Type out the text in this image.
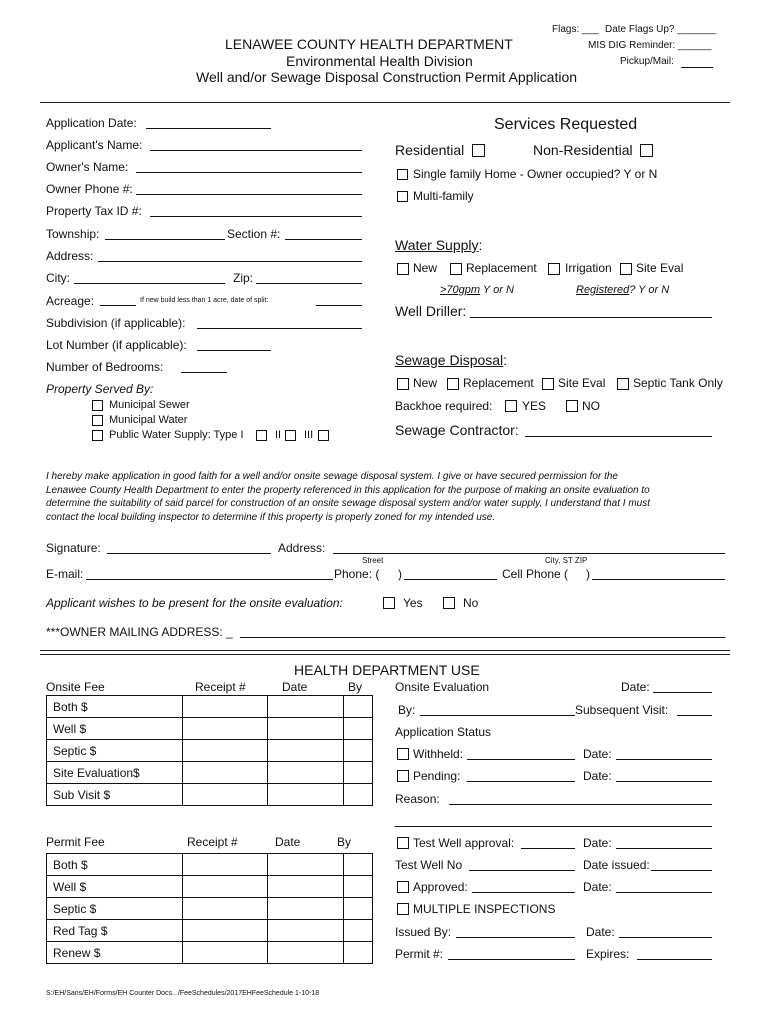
LENAWEE COUNTY HEALTH DEPARTMENT
Environmental Health Division
Well and/or Sewage Disposal Construction Permit Application
Flags: ___ Date Flags Up? _______
MIS DIG Reminder: ______
Pickup/Mail:
Application Date:
Applicant's Name:
Owner's Name:
Owner Phone #:
Property Tax ID #:
Township:	Section #:
Address:
City:	Zip:
Acreage:	If new build less than 1 acre, date of split:
Subdivision (if applicable):
Lot Number (if applicable):
Number of Bedrooms:
Property Served By:
Municipal Sewer
Municipal Water
Public Water Supply: Type I	II III
Services Requested
Residential	Non-Residential
Single family Home - Owner occupied? Y or N
Multi-family
Water Supply:
New Replacement Irrigation Site Eval
>70gpm Y or N	Registered? Y or N
Well Driller:
Sewage Disposal:
New Replacement Site Eval Septic Tank Only
Backhoe required: YES	NO
Sewage Contractor:
I hereby make application in good faith for a well and/or onsite sewage disposal system. I give or have secured permission for the
Lenawee County Health Department to enter the property referenced in this application for the purpose of making an onsite evaluation to
determine the suitability of said parcel for construction of an onsite sewage disposal system and/or water supply, I understand that I must
contact the local building inspector to determine if this property is properly zoned for my intended use.
Signature:	Address:
Street	City, ST ZIP
E-mail:	Phone: ( )	Cell Phone ( )
Applicant wishes to be present for the onsite evaluation:	Yes	No
***OWNER MAILING ADDRESS: _
HEALTH DEPARTMENT USE
Onsite Fee	Receipt #	Date	By
Both $			
Well $			
Septic $			
Site Evaluation$			
Sub Visit $			
Permit Fee	Receipt #	Date	By
Both $			
Well $			
Septic $			
Red Tag $			
Renew $			
Onsite Evaluation	Date:
By:	Subsequent Visit:
Application Status
Withheld:	Date:
Pending:	Date:
Reason:
Test Well approval:	Date:
Test Well No	Date issued:
Approved:	Date:
MULTIPLE INSPECTIONS
Issued By:	Date:
Permit #:	Expires:
S:/EH/Sans/EH/Forms/EH Counter Docs.../FeeSchedules/2017EHFeeSchedule 1-10-18
